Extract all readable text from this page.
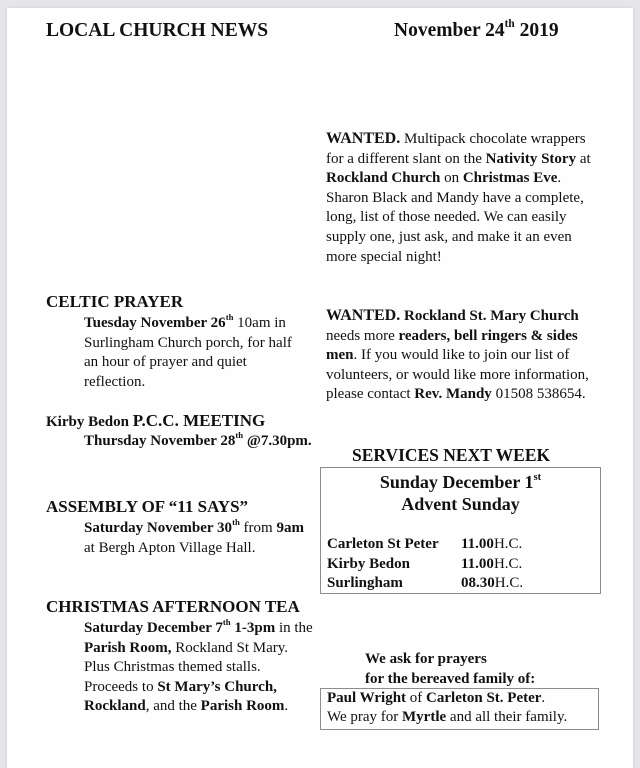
LOCAL CHURCH NEWS	November 24th 2019
WANTED. Multipack chocolate wrappers for a different slant on the Nativity Story at Rockland Church on Christmas Eve. Sharon Black and Mandy have a complete, long, list of those needed. We can easily supply one, just ask, and make it an even more special night!
WANTED. Rockland St. Mary Church needs more readers, bell ringers & sides men. If you would like to join our list of volunteers, or would like more information, please contact Rev. Mandy 01508 538654.
CELTIC PRAYER
Tuesday November 26th 10am in Surlingham Church porch, for half an hour of prayer and quiet reflection.
Kirby Bedon P.C.C. MEETING
Thursday November 28th @7.30pm.
ASSEMBLY OF “11 SAYS”
Saturday November 30th from 9am at Bergh Apton Village Hall.
CHRISTMAS AFTERNOON TEA
Saturday December 7th 1-3pm in the Parish Room, Rockland St Mary. Plus Christmas themed stalls. Proceeds to St Mary’s Church, Rockland, and the Parish Room.
SERVICES NEXT WEEK
Sunday December 1st
Advent Sunday
Carleton St Peter	11.00 H.C.
Kirby Bedon	11.00 H.C.
Surlingham	08.30 H.C.
We ask for prayers
for the bereaved family of:
Paul Wright of Carleton St. Peter.
We pray for Myrtle and all their family.
